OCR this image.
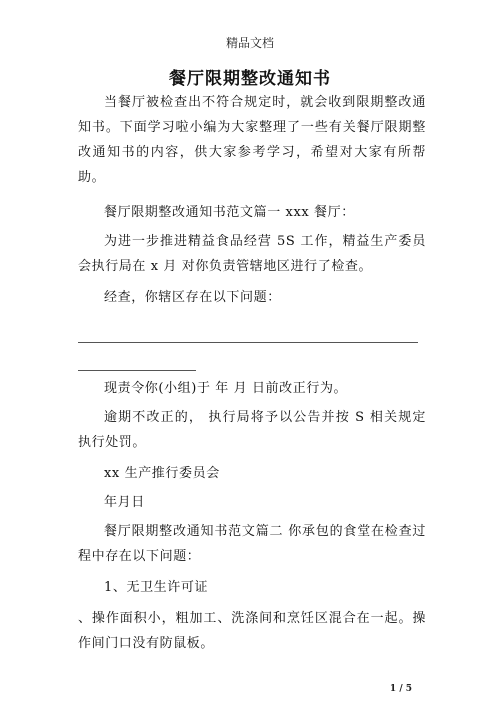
精品文档
餐厅限期整改通知书

当餐厅被检查出不符合规定时，就会收到限期整改通知书。下面学习啦小编为大家整理了一些有关餐厅限期整改通知书的内容，供大家参考学习，希望对大家有所帮助。

餐厅限期整改通知书范文篇一 xxx 餐厅：

为进一步推进精益食品经营 5S 工作，精益生产委员会执行局在 x 月 对你负责管辖地区进行了检查。

经查，你辖区存在以下问题：

现责令你(小组)于 年 月 日前改正行为。

逾期不改正的， 执行局将予以公告并按 S 相关规定执行处罚。

xx 生产推行委员会

年月日

餐厅限期整改通知书范文篇二 你承包的食堂在检查过程中存在以下问题：

1、无卫生许可证

、操作面积小，粗加工、洗涤间和烹饪区混合在一起。操作间门口没有防鼠板。

1 / 5
